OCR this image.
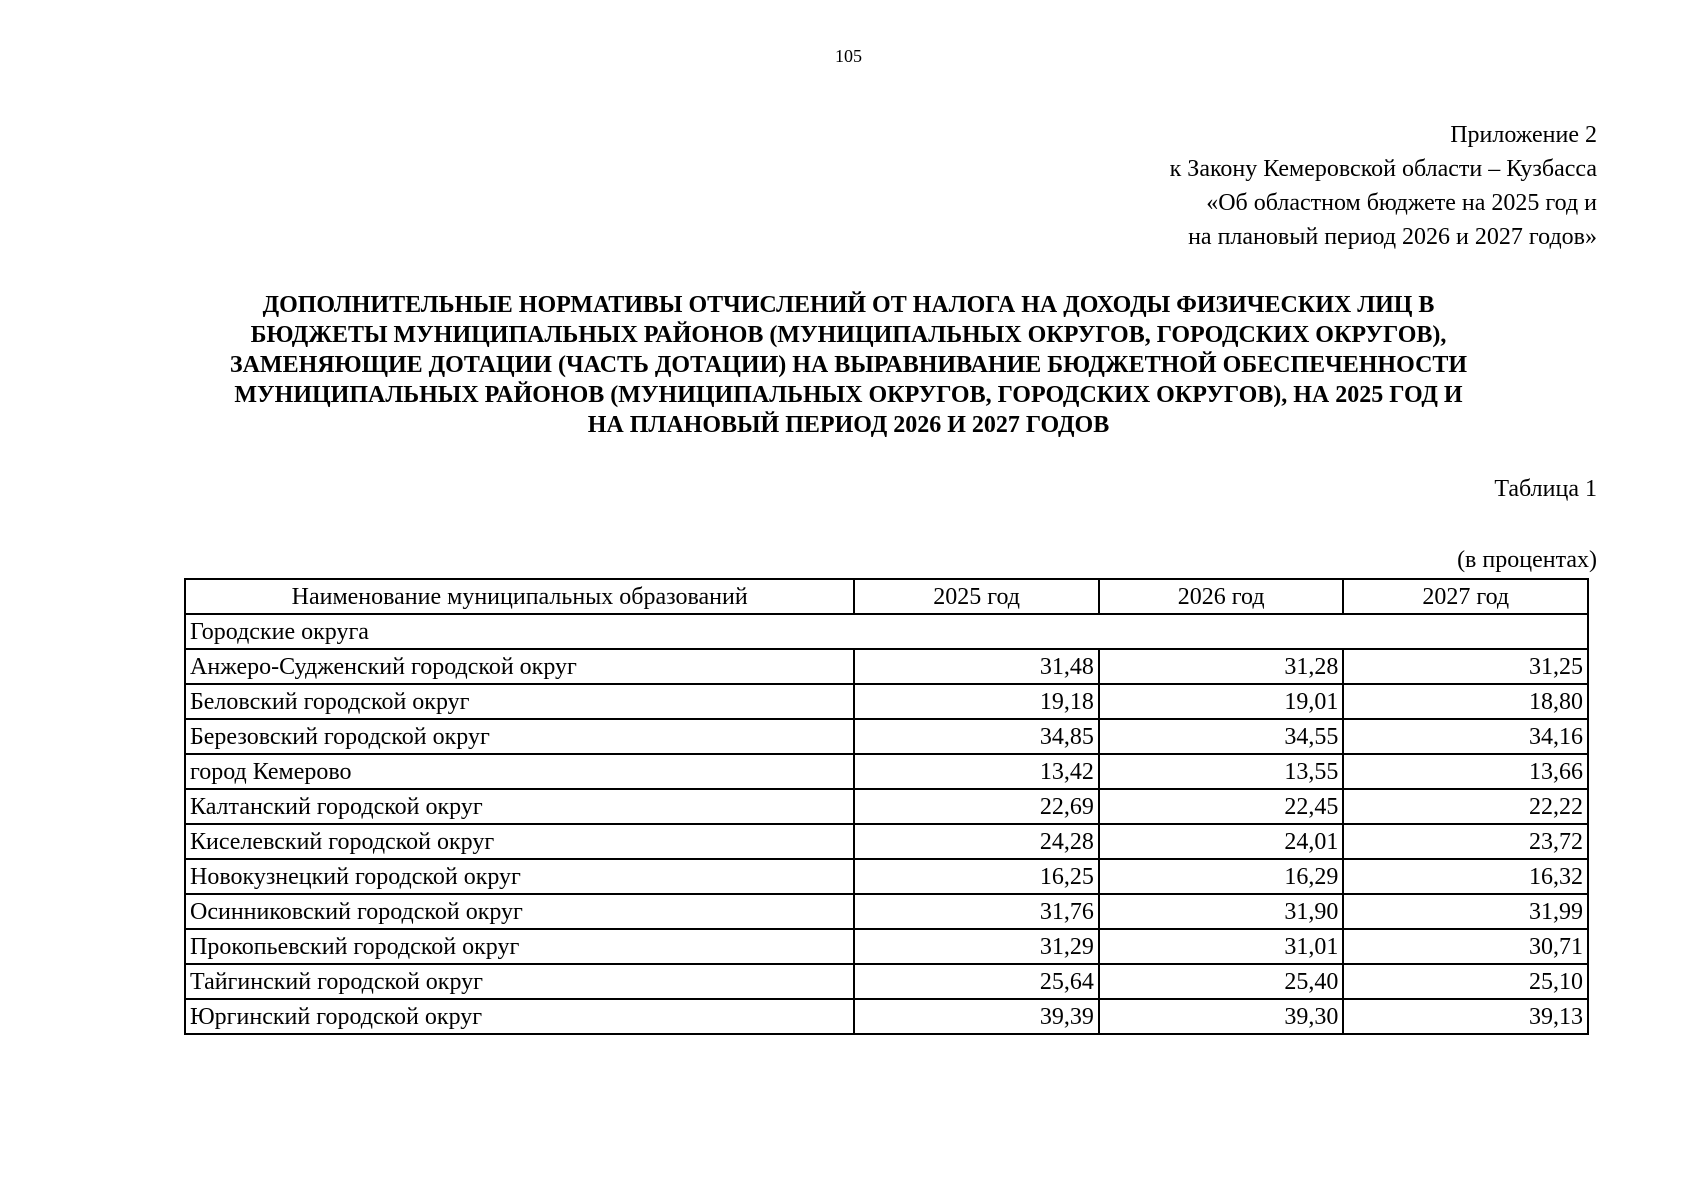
105
Приложение 2
к Закону Кемеровской области – Кузбасса
«Об областном бюджете на 2025 год и
на плановый период 2026 и 2027 годов»
ДОПОЛНИТЕЛЬНЫЕ НОРМАТИВЫ ОТЧИСЛЕНИЙ ОТ НАЛОГА НА ДОХОДЫ ФИЗИЧЕСКИХ ЛИЦ В
БЮДЖЕТЫ МУНИЦИПАЛЬНЫХ РАЙОНОВ (МУНИЦИПАЛЬНЫХ ОКРУГОВ, ГОРОДСКИХ ОКРУГОВ),
ЗАМЕНЯЮЩИЕ ДОТАЦИИ (ЧАСТЬ ДОТАЦИИ) НА ВЫРАВНИВАНИЕ БЮДЖЕТНОЙ ОБЕСПЕЧЕННОСТИ
МУНИЦИПАЛЬНЫХ РАЙОНОВ (МУНИЦИПАЛЬНЫХ ОКРУГОВ, ГОРОДСКИХ ОКРУГОВ), НА 2025 ГОД И
НА ПЛАНОВЫЙ ПЕРИОД 2026 И 2027 ГОДОВ
Таблица 1
(в процентах)
Наименование муниципальных образований	2025 год	2026 год	2027 год
Городские округа			
Анжеро-Судженский городской округ	31,48	31,28	31,25
Беловский городской округ	19,18	19,01	18,80
Березовский городской округ	34,85	34,55	34,16
город Кемерово	13,42	13,55	13,66
Калтанский городской округ	22,69	22,45	22,22
Киселевский городской округ	24,28	24,01	23,72
Новокузнецкий городской округ	16,25	16,29	16,32
Осинниковский городской округ	31,76	31,90	31,99
Прокопьевский городской округ	31,29	31,01	30,71
Тайгинский городской округ	25,64	25,40	25,10
Юргинский городской округ	39,39	39,30	39,13
